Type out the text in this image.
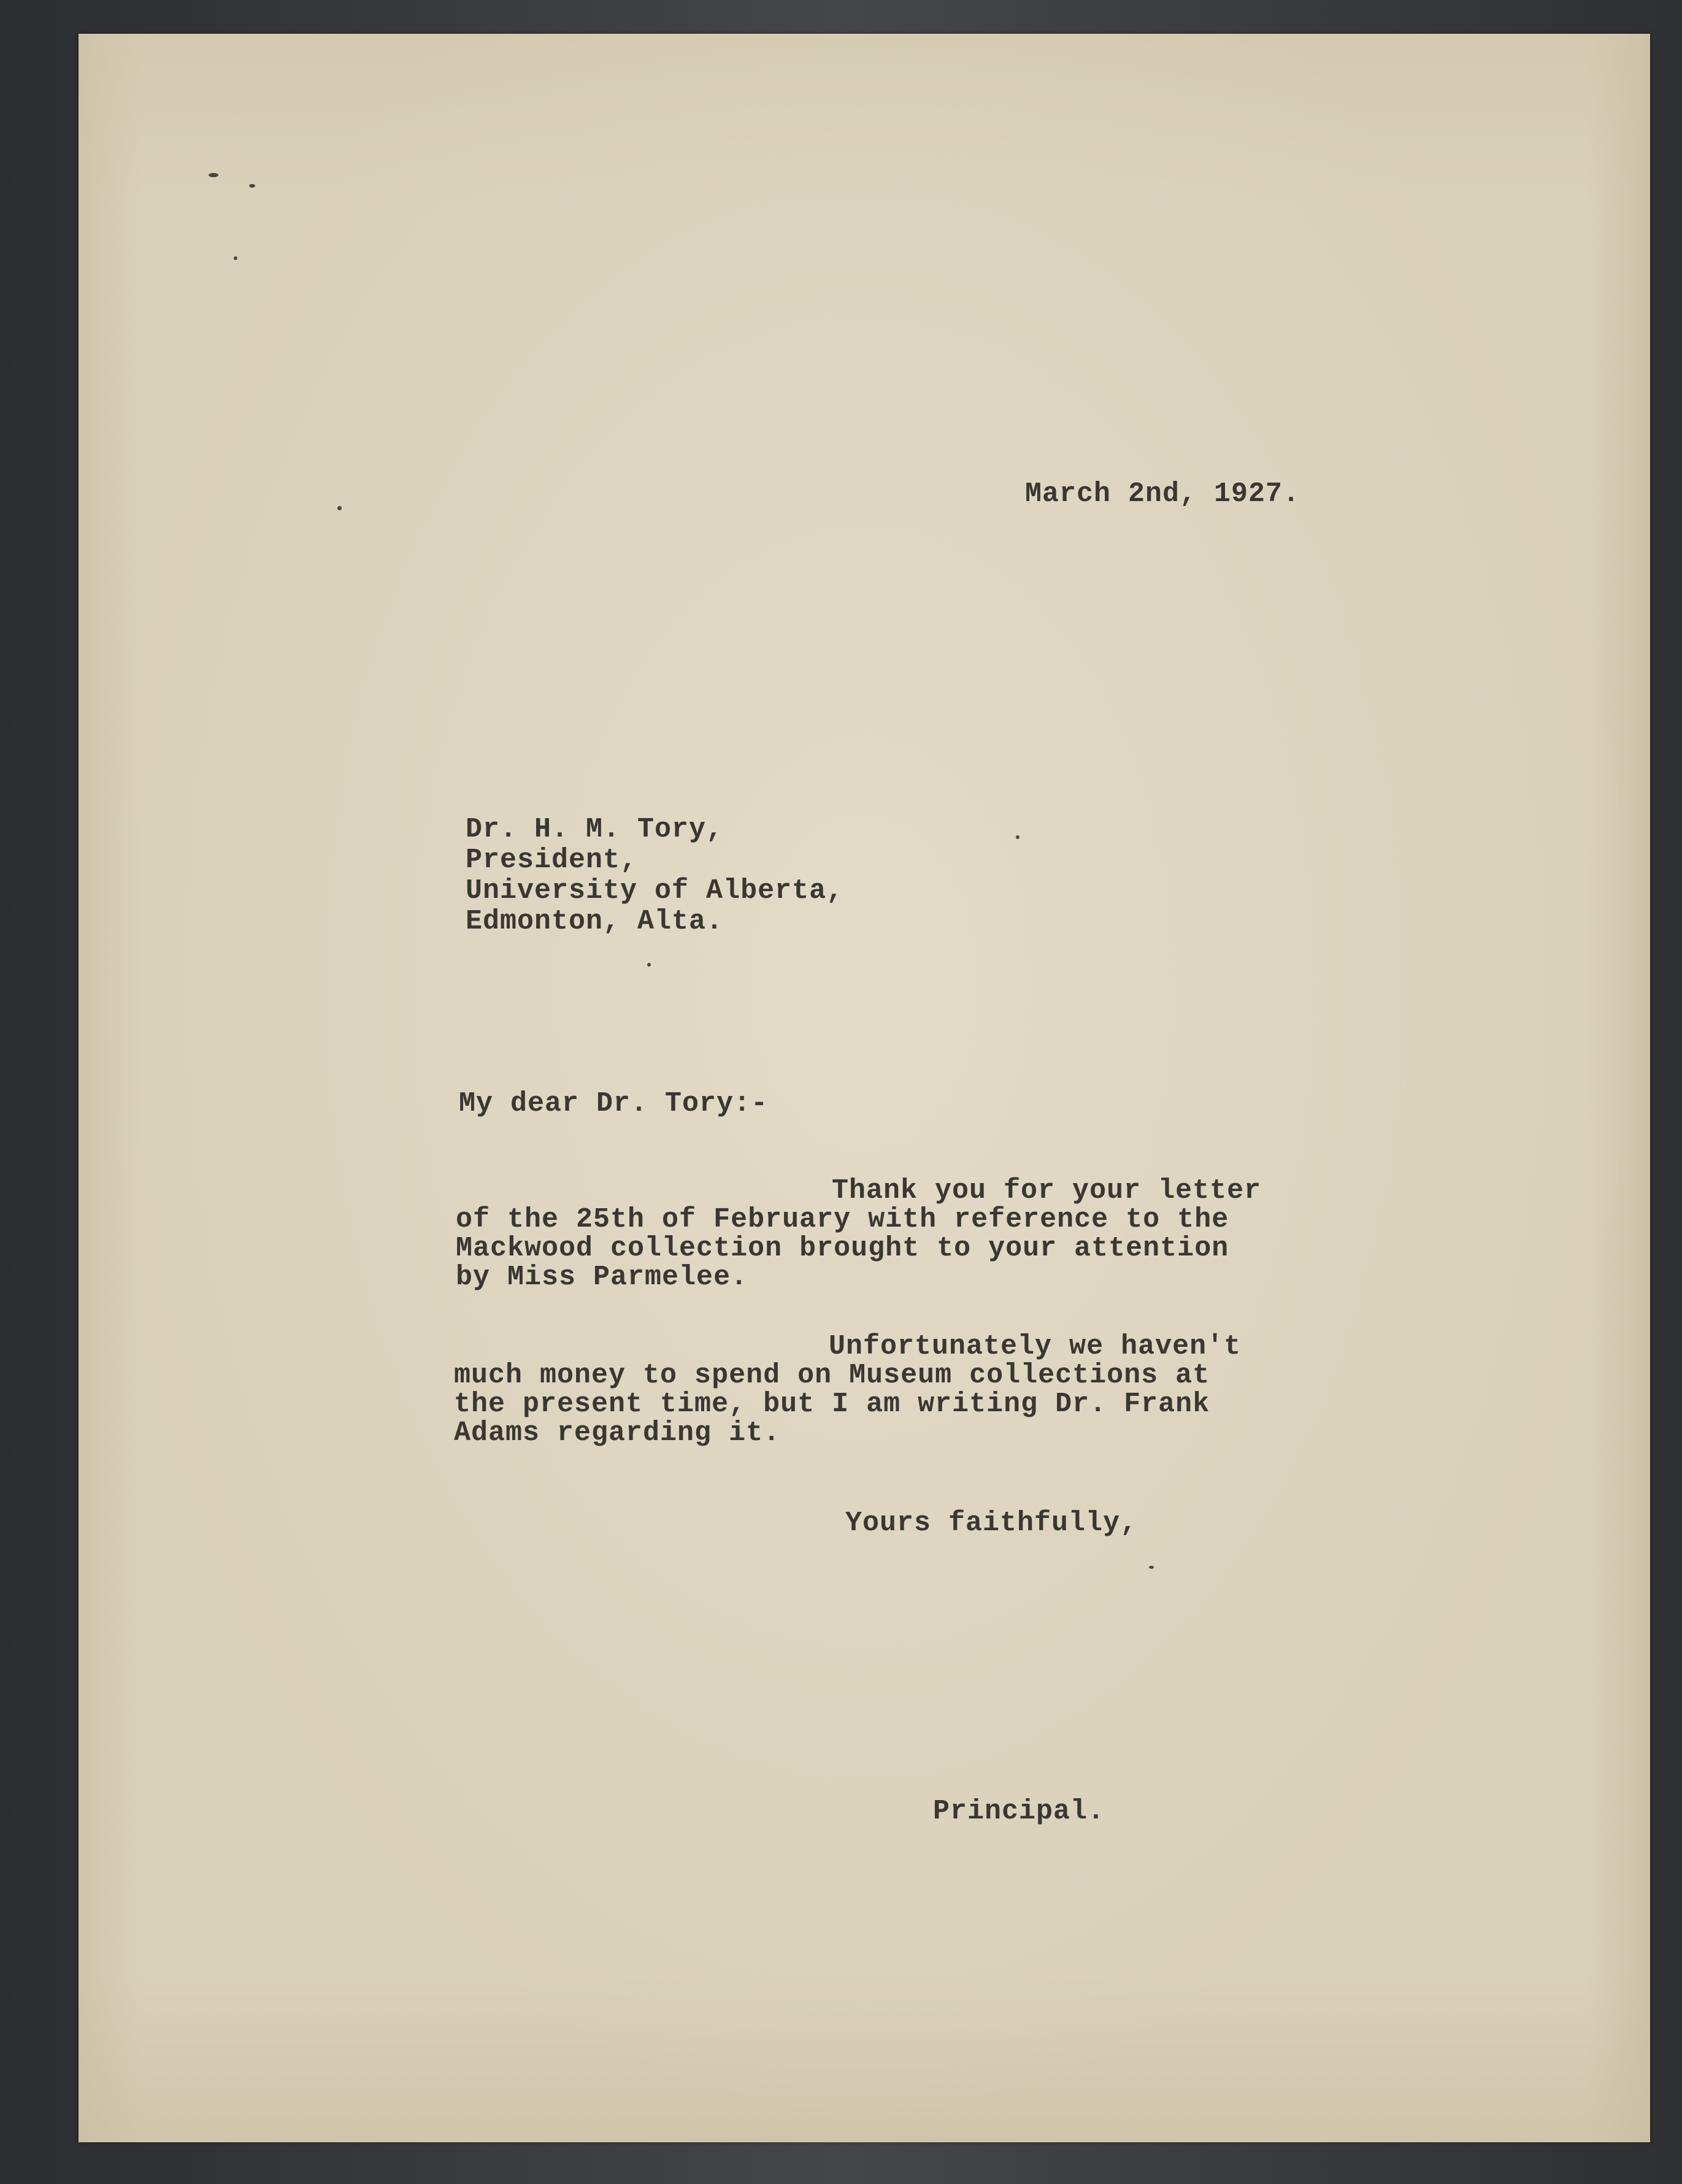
March 2nd, 1927.
Dr. H. M. Tory,
President,
University of Alberta,
Edmonton, Alta.
My dear Dr. Tory:-
Thank you for your letter
of the 25th of February with reference to the
Mackwood collection brought to your attention
by Miss Parmelee.
Unfortunately we haven't
much money to spend on Museum collections at
the present time, but I am writing Dr. Frank
Adams regarding it.
Yours faithfully,
Principal.
